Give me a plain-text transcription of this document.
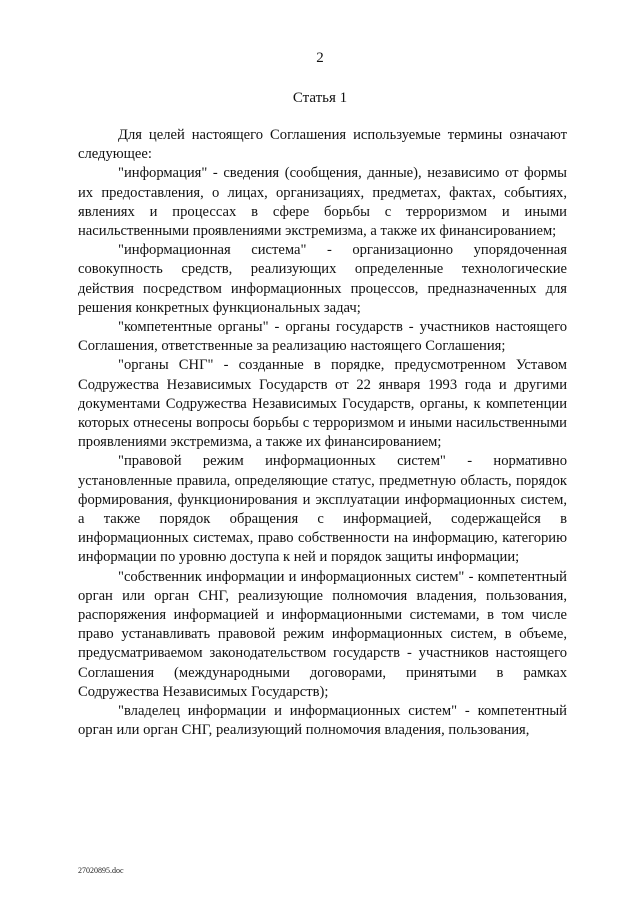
2
Статья 1

Для целей настоящего Соглашения используемые термины означают следующее:

"информация" - сведения (сообщения, данные), независимо от формы их предоставления, о лицах, организациях, предметах, фактах, событиях, явлениях и процессах в сфере борьбы с терроризмом и иными насильственными проявлениями экстремизма, а также их финансированием;

"информационная система" - организационно упорядоченная совокупность средств, реализующих определенные технологические действия посредством информационных процессов, предназначенных для решения конкретных функциональных задач;

"компетентные органы" - органы государств - участников настоящего Соглашения, ответственные за реализацию настоящего Соглашения;

"органы СНГ" - созданные в порядке, предусмотренном Уставом Содружества Независимых Государств от 22 января 1993 года и другими документами Содружества Независимых Государств, органы, к компетенции которых отнесены вопросы борьбы с терроризмом и иными насильственными проявлениями экстремизма, а также их финансированием;

"правовой режим информационных систем" - нормативно установленные правила, определяющие статус, предметную область, порядок формирования, функционирования и эксплуатации информационных систем, а также порядок обращения с информацией, содержащейся в информационных системах, право собственности на информацию, категорию информации по уровню доступа к ней и порядок защиты информации;

"собственник информации и информационных систем" - компетентный орган или орган СНГ, реализующие полномочия владения, пользования, распоряжения информацией и информационными системами, в том числе право устанавливать правовой режим информационных систем, в объеме, предусматриваемом законодательством государств - участников настоящего Соглашения (международными договорами, принятыми в рамках Содружества Независимых Государств);

"владелец информации и информационных систем" - компетентный орган или орган СНГ, реализующий полномочия владения, пользования,

27020895.doc
